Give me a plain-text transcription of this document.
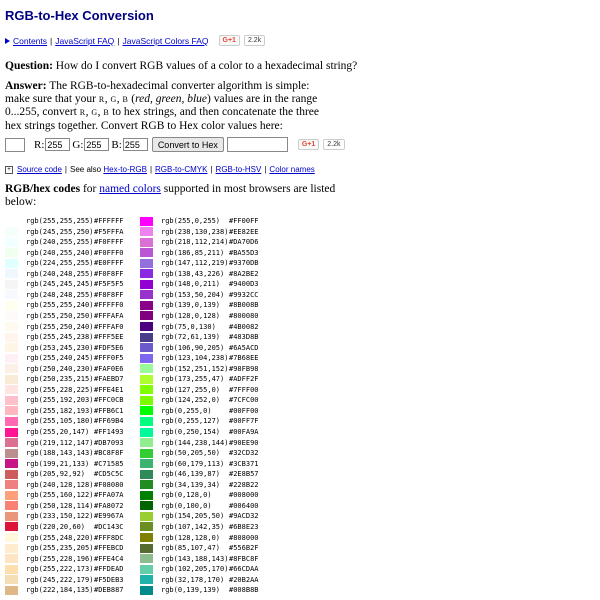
RGB-to-Hex Conversion
Contents | JavaScript FAQ | JavaScript Colors FAQ	G+1	2.2k
Question: How do I convert RGB values of a color to a hexadecimal string?
Answer: The RGB-to-hexadecimal converter algorithm is simple:
make sure that your R, G, B (red, green, blue) values are in the range
0...255, convert R, G, B to hex strings, and then concatenate the three
hex strings together. Convert RGB to Hex color values here:
R:
255	G:
255	B:
255	Convert to Hex	G+1	2.2k
+ Source code | See also
Hex-to-RGB | RGB-to-CMYK | RGB-to-HSV | Color names
RGB/hex codes for named colors supported in most browsers are listed
below:
rgb(255,255,255) #FFFFFF
rgb(245,255,250) #F5FFFA
rgb(240,255,255) #F0FFFF
rgb(240,255,240) #F0FFF0
rgb(224,255,255) #E0FFFF
rgb(240,248,255) #F0F8FF
rgb(245,245,245) #F5F5F5
rgb(248,248,255) #F8F8FF
rgb(255,255,240) #FFFFF0
rgb(255,250,250) #FFFAFA
rgb(255,250,240) #FFFAF0
rgb(255,245,238) #FFF5EE
rgb(253,245,230) #FDF5E6
rgb(255,240,245) #FFF0F5
rgb(250,240,230) #FAF0E6
rgb(250,235,215) #FAEBD7
rgb(255,228,225) #FFE4E1
rgb(255,192,203) #FFC0CB
rgb(255,182,193) #FFB6C1
rgb(255,105,180) #FF69B4
rgb(255,20,147) #FF1493
rgb(219,112,147) #DB7093
rgb(188,143,143) #BC8F8F
rgb(199,21,133) #C71585
rgb(205,92,92)	#CD5C5C
rgb(240,128,128) #F08080
rgb(255,160,122) #FFA07A
rgb(250,128,114) #FA8072
rgb(233,150,122) #E9967A
rgb(220,20,60)	#DC143C
rgb(255,248,220) #FFF8DC
rgb(255,235,205) #FFEBCD
rgb(255,228,196) #FFE4C4
rgb(255,222,173) #FFDEAD
rgb(245,222,179) #F5DEB3
rgb(222,184,135) #DEB887
rgb(255,0,255)	#FF00FF
rgb(238,130,238) #EE82EE
rgb(218,112,214) #DA70D6
rgb(186,85,211) #BA55D3
rgb(147,112,219) #9370DB
rgb(138,43,226) #8A2BE2
rgb(148,0,211)	#9400D3
rgb(153,50,204) #9932CC
rgb(139,0,139)	#8B008B
rgb(128,0,128)	#800080
rgb(75,0,130)	#4B0082
rgb(72,61,139)	#483D8B
rgb(106,90,205) #6A5ACD
rgb(123,104,238) #7B68EE
rgb(152,251,152) #98FB98
rgb(173,255,47) #ADFF2F
rgb(127,255,0)	#7FFF00
rgb(124,252,0)	#7CFC00
rgb(0,255,0)	#00FF00
rgb(0,255,127)	#00FF7F
rgb(0,250,154)	#00FA9A
rgb(144,238,144) #90EE90
rgb(50,205,50)	#32CD32
rgb(60,179,113) #3CB371
rgb(46,139,87)	#2E8B57
rgb(34,139,34)	#228B22
rgb(0,128,0)	#008000
rgb(0,100,0)	#006400
rgb(154,205,50) #9ACD32
rgb(107,142,35) #6B8E23
rgb(128,128,0)	#808000
rgb(85,107,47)	#556B2F
rgb(143,188,143) #8FBC8F
rgb(102,205,170) #66CDAA
rgb(32,178,170) #20B2AA
rgb(0,139,139)	#008B8B
